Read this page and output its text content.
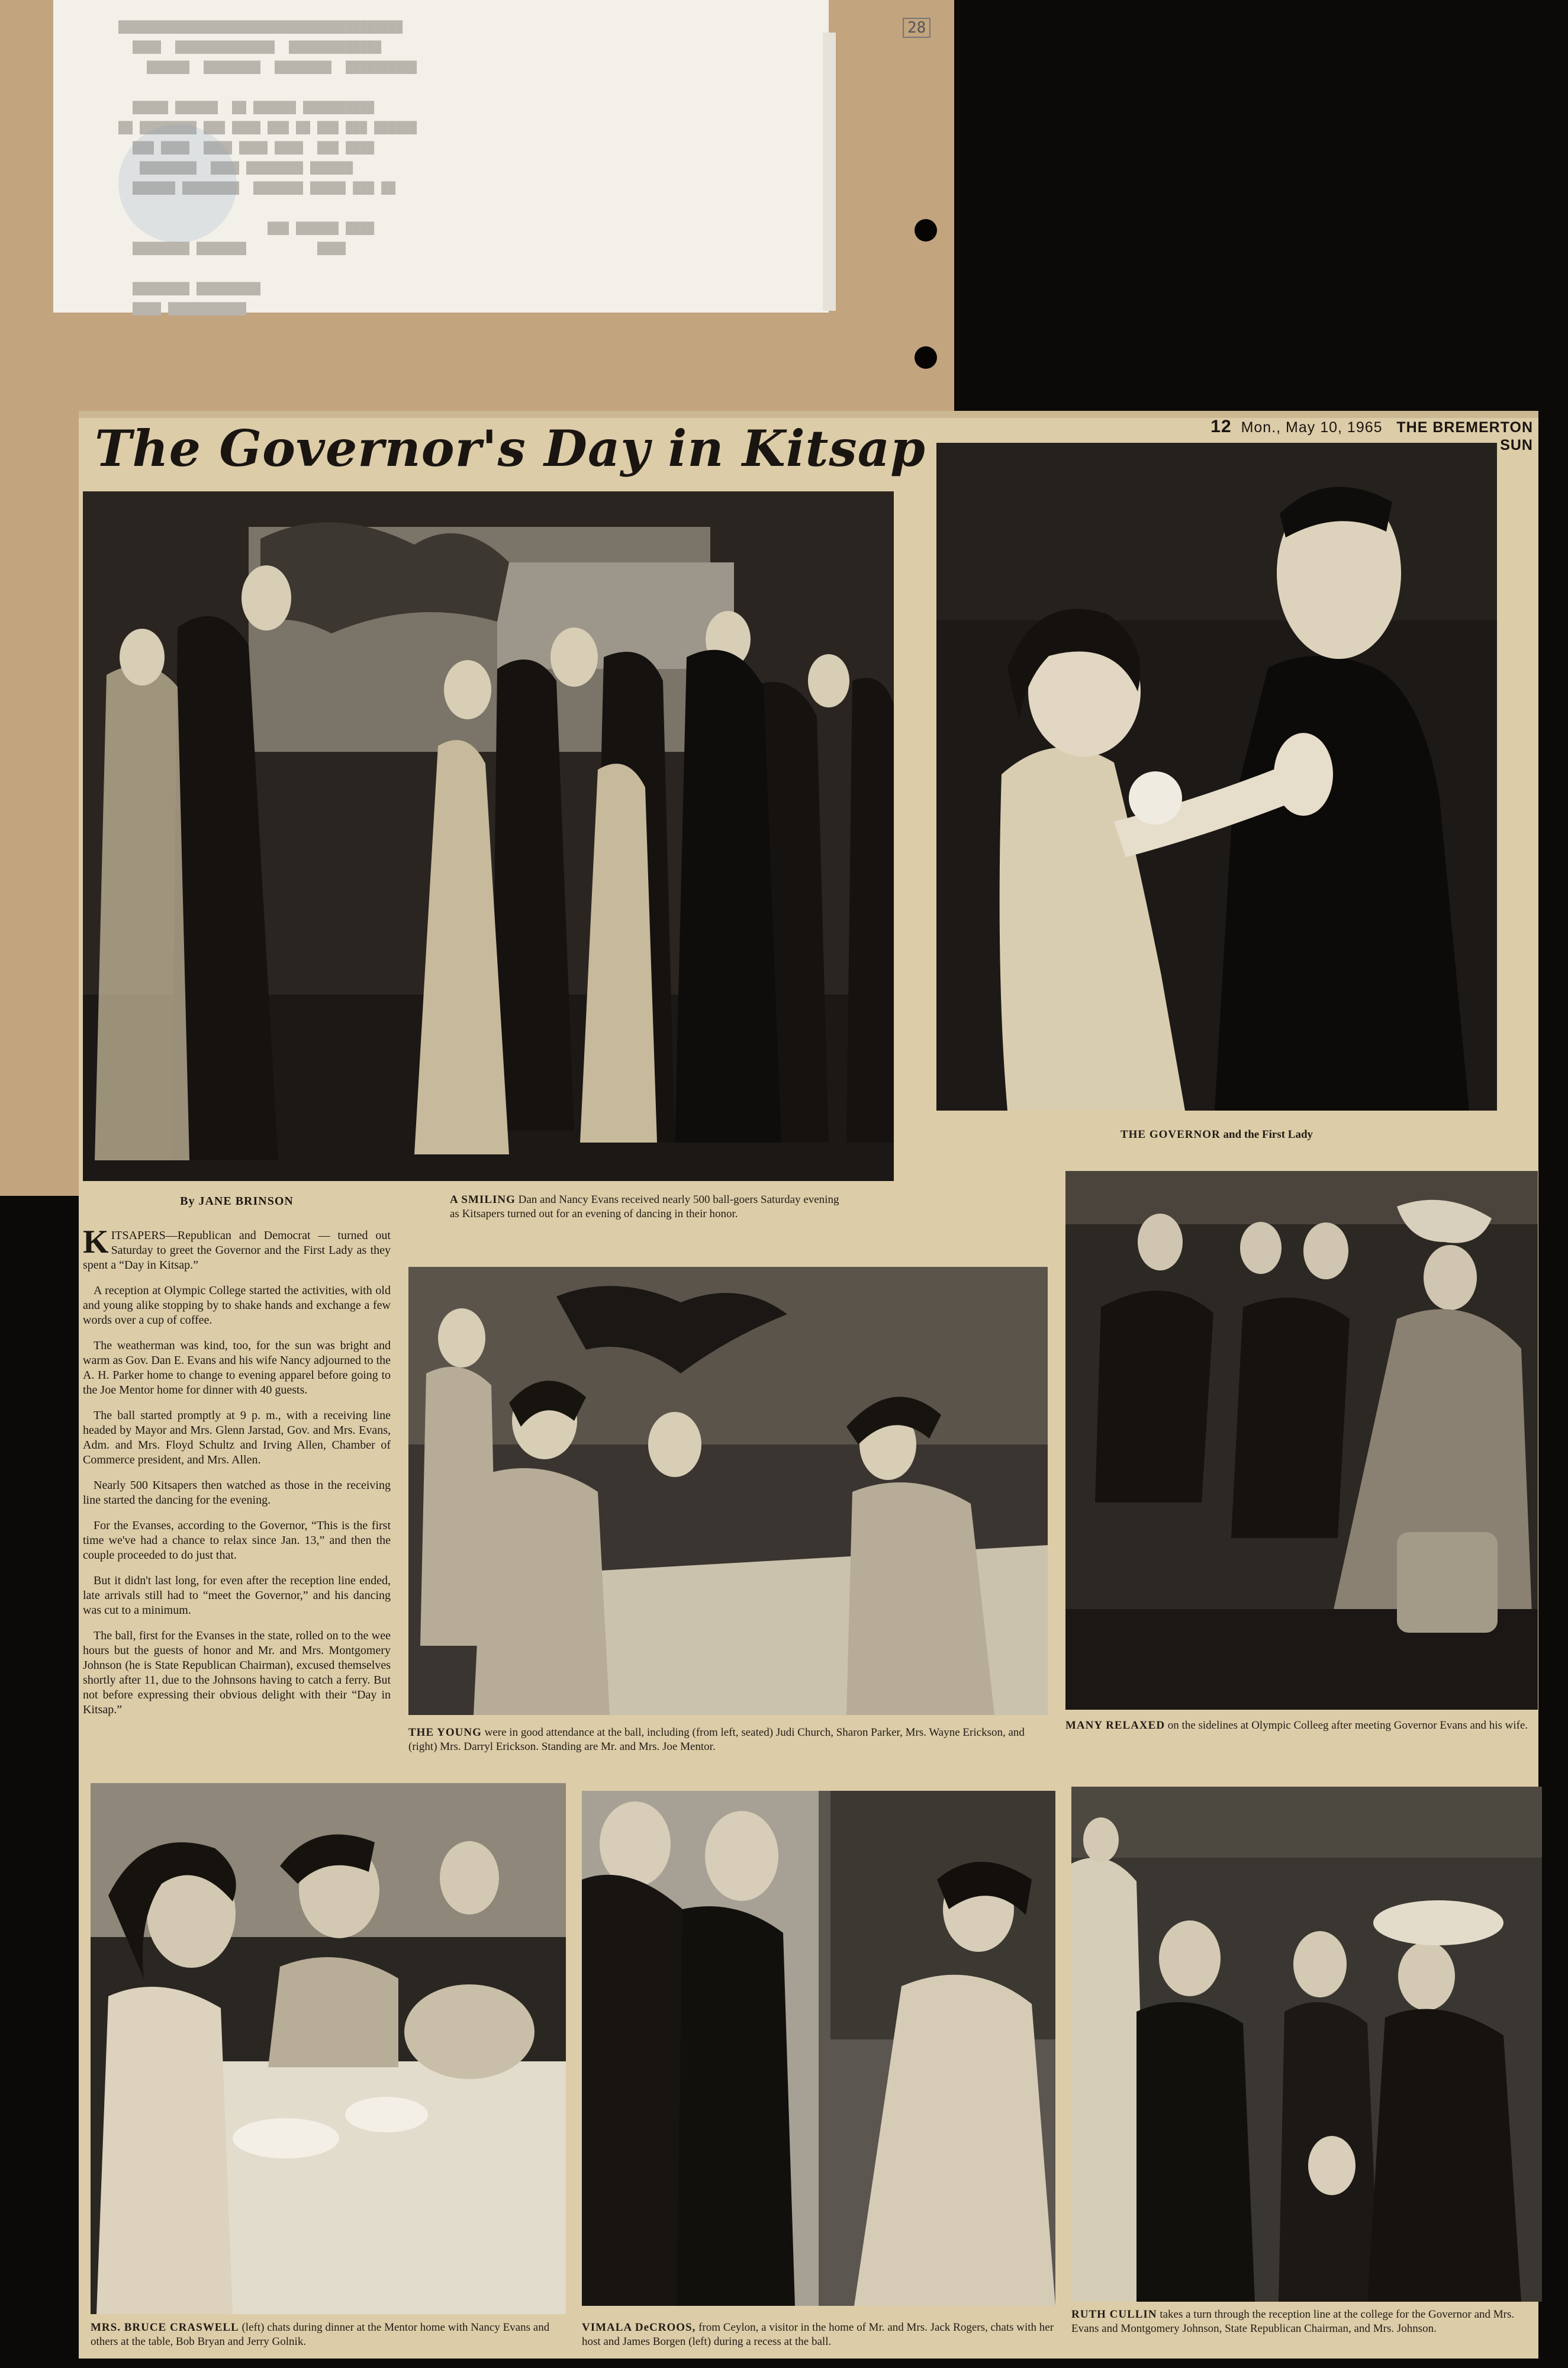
████████████████████████████████████████
████  ██████████████  █████████████
██████  ████████  ████████  ██████████

█████ ██████  ██ ██████ ██████████
██ ████████ ███ ████ ███ ██ ███ ███ ██████
███ ████  ████ ████ ████  ███ ████
████████  ████ ████████ ██████
██████ ████████  ███████ █████ ███ ██

███ ██████ ████
████████ ███████          ████

████████ █████████
████ ███████████
28
12 Mon., May 10, 1965 THE BREMERTON SUN
The Governor's Day in Kitsap
A SMILING Dan and Nancy Evans received nearly 500 ball-goers Saturday evening as Kitsapers turned out for an evening of dancing in their honor.
THE GOVERNOR and the First Lady
By JANE BRINSON

KITSAPERS—Republican and Democrat — turned out Saturday to greet the Governor and the First Lady as they spent a “Day in Kitsap.”

A reception at Olympic College started the activities, with old and young alike stopping by to shake hands and exchange a few words over a cup of coffee.

The weatherman was kind, too, for the sun was bright and warm as Gov. Dan E. Evans and his wife Nancy adjourned to the A. H. Parker home to change to evening apparel before going to the Joe Mentor home for dinner with 40 guests.

The ball started promptly at 9 p. m., with a receiving line headed by Mayor and Mrs. Glenn Jarstad, Gov. and Mrs. Evans, Adm. and Mrs. Floyd Schultz and Irving Allen, Chamber of Commerce president, and Mrs. Allen.

Nearly 500 Kitsapers then watched as those in the receiving line started the dancing for the evening.

For the Evanses, according to the Governor, “This is the first time we've had a chance to relax since Jan. 13,” and then the couple proceeded to do just that.

But it didn't last long, for even after the reception line ended, late arrivals still had to “meet the Governor,” and his dancing was cut to a minimum.

The ball, first for the Evanses in the state, rolled on to the wee hours but the guests of honor and Mr. and Mrs. Montgomery Johnson (he is State Republican Chairman), excused themselves shortly after 11, due to the Johnsons having to catch a ferry. But not before expressing their obvious delight with their “Day in Kitsap.”

THE YOUNG were in good attendance at the ball, including (from left, seated) Judi Church, Sharon Parker, Mrs. Wayne Erickson, and (right) Mrs. Darryl Erickson. Standing are Mr. and Mrs. Joe Mentor.
MANY RELAXED on the sidelines at Olympic Colleeg after meeting Governor Evans and his wife.
MRS. BRUCE CRASWELL (left) chats during dinner at the Mentor home with Nancy Evans and others at the table, Bob Bryan and Jerry Golnik.
VIMALA DeCROOS, from Ceylon, a visitor in the home of Mr. and Mrs. Jack Rogers, chats with her host and James Borgen (left) during a recess at the ball.
RUTH CULLIN takes a turn through the reception line at the college for the Governor and Mrs. Evans and Montgomery Johnson, State Republican Chairman, and Mrs. Johnson.
